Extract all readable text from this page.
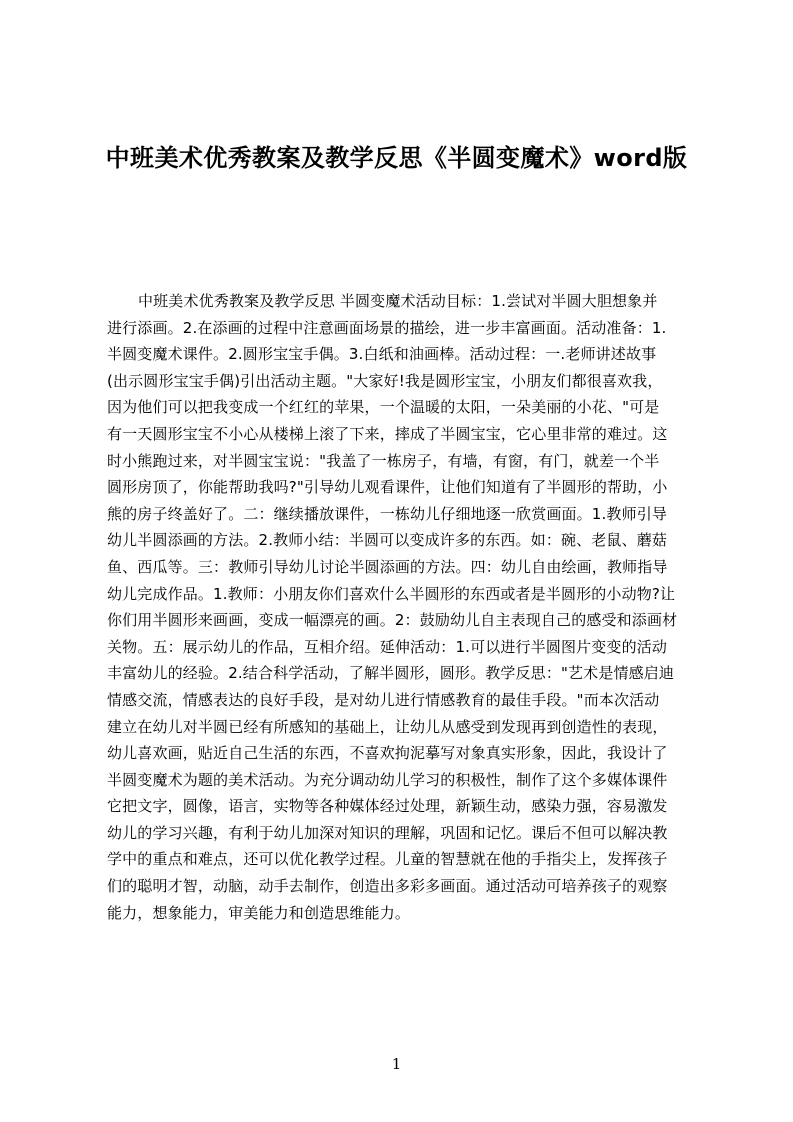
中班美术优秀教案及教学反思《半圆变魔术》word版
中班美术优秀教案及教学反思 半圆变魔术活动目标：1.尝试对半圆大胆想象并
进行添画。2.在添画的过程中注意画面场景的描绘，进一步丰富画面。活动准备：1.
半圆变魔术课件。2.圆形宝宝手偶。3.白纸和油画棒。活动过程：一.老师讲述故事
(出示圆形宝宝手偶)引出活动主题。"大家好!我是圆形宝宝，小朋友们都很喜欢我，
因为他们可以把我变成一个红红的苹果，一个温暖的太阳，一朵美丽的小花、"可是
有一天圆形宝宝不小心从楼梯上滚了下来，摔成了半圆宝宝，它心里非常的难过。这
时小熊跑过来，对半圆宝宝说："我盖了一栋房子，有墙，有窗，有门，就差一个半
圆形房顶了，你能帮助我吗?"引导幼儿观看课件，让他们知道有了半圆形的帮助，小
熊的房子终盖好了。二：继续播放课件，一栋幼儿仔细地逐一欣赏画面。1.教师引导
幼儿半圆添画的方法。2.教师小结：半圆可以变成许多的东西。如：碗、老鼠、蘑菇
鱼、西瓜等。三：教师引导幼儿讨论半圆添画的方法。四：幼儿自由绘画，教师指导
幼儿完成作品。1.教师：小朋友你们喜欢什么半圆形的东西或者是半圆形的小动物?让
你们用半圆形来画画，变成一幅漂亮的画。2：鼓励幼儿自主表现自己的感受和添画材
关物。五：展示幼儿的作品，互相介绍。延伸活动：1.可以进行半圆图片变变的活动
丰富幼儿的经验。2.结合科学活动，了解半圆形，圆形。教学反思："艺术是情感启迪
情感交流，情感表达的良好手段，是对幼儿进行情感教育的最佳手段。"而本次活动
建立在幼儿对半圆已经有所感知的基础上，让幼儿从感受到发现再到创造性的表现，
幼儿喜欢画，贴近自己生活的东西，不喜欢拘泥摹写对象真实形象，因此，我设计了
半圆变魔术为题的美术活动。为充分调动幼儿学习的积极性，制作了这个多媒体课件
它把文字，圆像，语言，实物等各种媒体经过处理，新颖生动，感染力强，容易激发
幼儿的学习兴趣，有利于幼儿加深对知识的理解，巩固和记忆。课后不但可以解决教
学中的重点和难点，还可以优化教学过程。儿童的智慧就在他的手指尖上，发挥孩子
们的聪明才智，动脑，动手去制作，创造出多彩多画面。通过活动可培养孩子的观察
能力，想象能力，审美能力和创造思维能力。
1
